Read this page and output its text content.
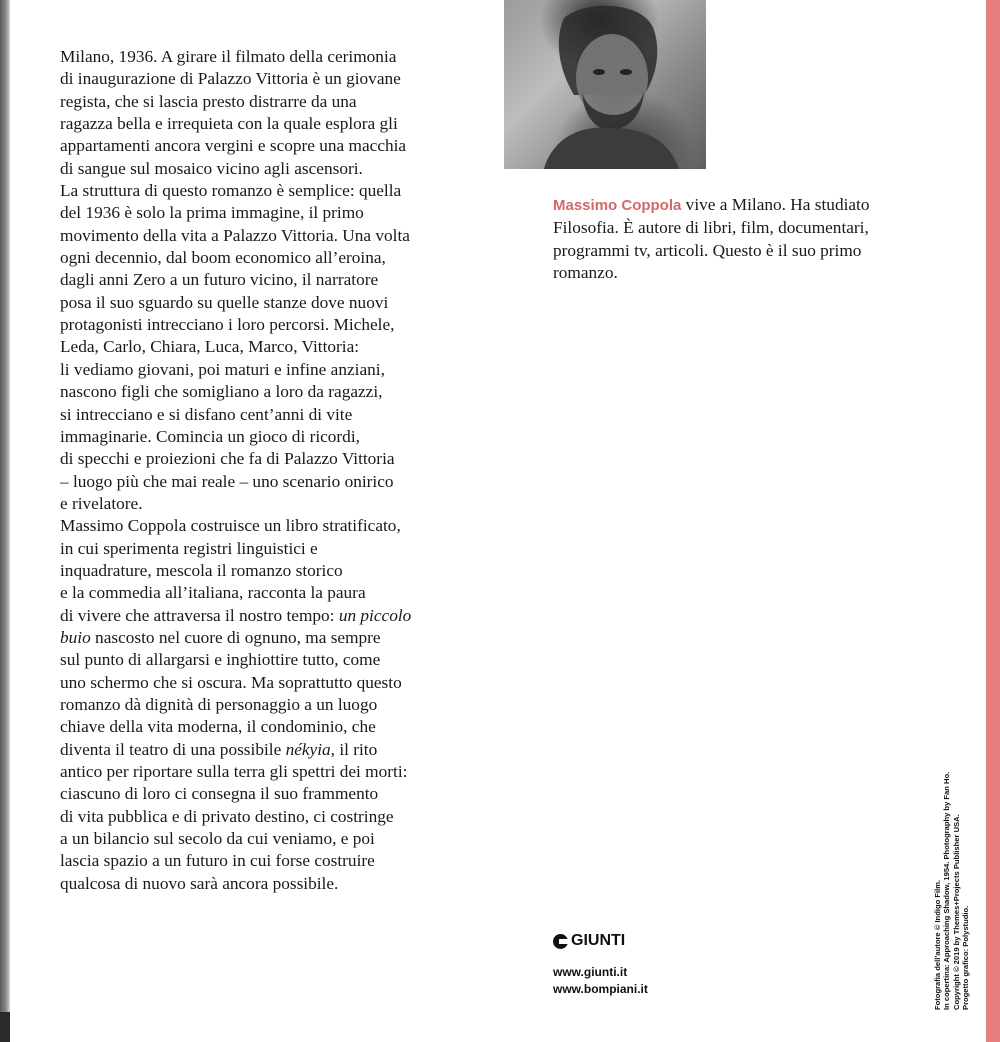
Milano, 1936. A girare il filmato della cerimonia
di inaugurazione di Palazzo Vittoria è un giovane
regista, che si lascia presto distrarre da una
ragazza bella e irrequieta con la quale esplora gli
appartamenti ancora vergini e scopre una macchia
di sangue sul mosaico vicino agli ascensori.

La struttura di questo romanzo è semplice: quella
del 1936 è solo la prima immagine, il primo
movimento della vita a Palazzo Vittoria. Una volta
ogni decennio, dal boom economico all’eroina,
dagli anni Zero a un futuro vicino, il narratore
posa il suo sguardo su quelle stanze dove nuovi
protagonisti intrecciano i loro percorsi. Michele,
Leda, Carlo, Chiara, Luca, Marco, Vittoria:
li vediamo giovani, poi maturi e infine anziani,
nascono figli che somigliano a loro da ragazzi,
si intrecciano e si disfano cent’anni di vite
immaginarie. Comincia un gioco di ricordi,
di specchi e proiezioni che fa di Palazzo Vittoria
– luogo più che mai reale – uno scenario onirico
e rivelatore.

Massimo Coppola costruisce un libro stratificato,
in cui sperimenta registri linguistici e
inquadrature, mescola il romanzo storico
e la commedia all’italiana, racconta la paura
di vivere che attraversa il nostro tempo: un piccolo
buio nascosto nel cuore di ognuno, ma sempre
sul punto di allargarsi e inghiottire tutto, come
uno schermo che si oscura. Ma soprattutto questo
romanzo dà dignità di personaggio a un luogo
chiave della vita moderna, il condominio, che
diventa il teatro di una possibile nékyia, il rito
antico per riportare sulla terra gli spettri dei morti:
ciascuno di loro ci consegna il suo frammento
di vita pubblica e di privato destino, ci costringe
a un bilancio sul secolo da cui veniamo, e poi
lascia spazio a un futuro in cui forse costruire
qualcosa di nuovo sarà ancora possibile.

Massimo Coppola vive a Milano. Ha studiato
Filosofia. È autore di libri, film, documentari,
programmi tv, articoli. Questo è il suo primo
romanzo.
GIUNTI
www.giunti.it
www.bompiani.it	Fotografia dell’autore © Indigo Film. In copertina: Approaching Shadow, 1954. Photography by Fan Ho. Copyright © 2019 by Themes+Projects Publisher USA. Progetto grafico: Polystudio.
